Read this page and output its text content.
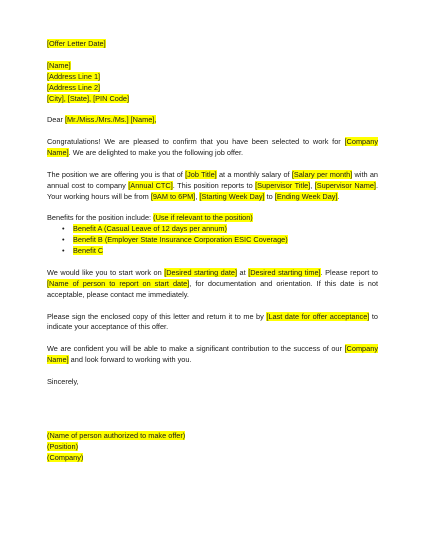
[Offer Letter Date]

[Name]
[Address Line 1]
[Address Line 2]
[City], [State], [PIN Code]

Dear [Mr./Miss./Mrs./Ms.] [Name],

Congratulations! We are pleased to confirm that you have been selected to work for [Company Name]. We are delighted to make you the following job offer.

The position we are offering you is that of [Job Title] at a monthly salary of [Salary per month] with an annual cost to company [Annual CTC]. This position reports to [Supervisor Title], [Supervisor Name]. Your working hours will be from [9AM to 6PM], [Starting Week Day] to [Ending Week Day].

Benefits for the position include: (Use if relevant to the position)
• Benefit A (Casual Leave of 12 days per annum)
• Benefit B (Employer State Insurance Corporation ESIC Coverage)
• Benefit C

We would like you to start work on [Desired starting date] at [Desired starting time]. Please report to [Name of person to report on start date], for documentation and orientation. If this date is not acceptable, please contact me immediately.

Please sign the enclosed copy of this letter and return it to me by [Last date for offer acceptance] to indicate your acceptance of this offer.

We are confident you will be able to make a significant contribution to the success of our [Company Name] and look forward to working with you.

Sincerely,

(Name of person authorized to make offer)
(Position)
(Company)
